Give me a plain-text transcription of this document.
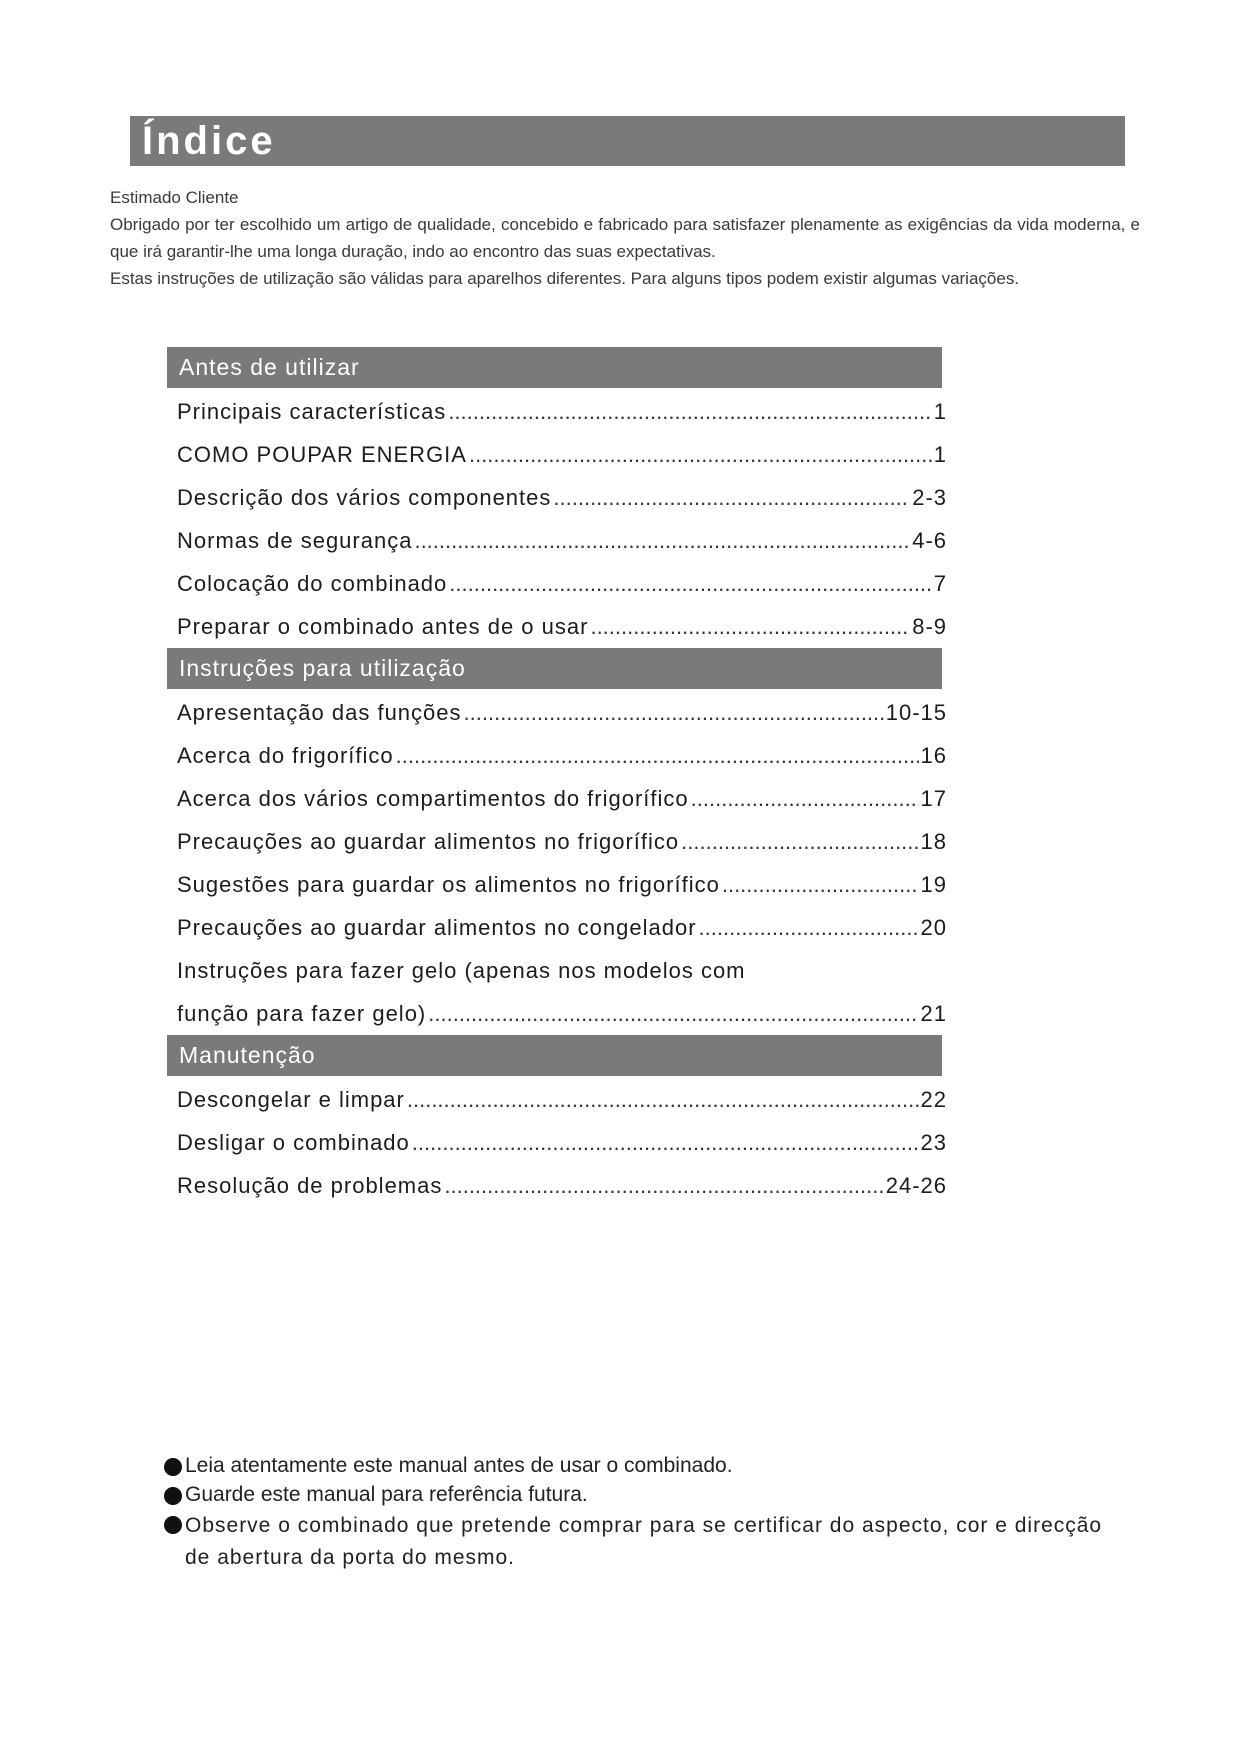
Índice

Estimado Cliente

Obrigado por ter escolhido um artigo de qualidade, concebido e fabricado para satisfazer plenamente as exigências da vida moderna, e que irá garantir-lhe uma longa duração, indo ao encontro das suas expectativas.

Estas instruções de utilização são válidas para aparelhos diferentes. Para alguns tipos podem existir algumas variações.

Antes de utilizar
Principais características .....	1
COMO POUPAR ENERGIA .....	1
Descrição dos vários componentes .....	2-3
Normas de segurança .....	4-6
Colocação do combinado .....	7
Preparar o combinado antes de o usar .....	8-9
Instruções para utilização
Apresentação das funções .....	10-15
Acerca do frigorífico .....	16
Acerca dos vários compartimentos do frigorífico .....	17
Precauções ao guardar alimentos no frigorífico .....	18
Sugestões para guardar os alimentos no frigorífico .....	19
Precauções ao guardar alimentos no congelador .....	20
Instruções para fazer gelo (apenas nos modelos com
função para fazer gelo) .....	21
Manutenção
Descongelar e limpar .....	22
Desligar o combinado .....	23
Resolução de problemas .....	24-26
Leia atentamente este manual antes de usar o combinado.
Guarde este manual para referência futura.
Observe o combinado que pretende comprar para se certificar do aspecto, cor e direcção de abertura da porta do mesmo.
